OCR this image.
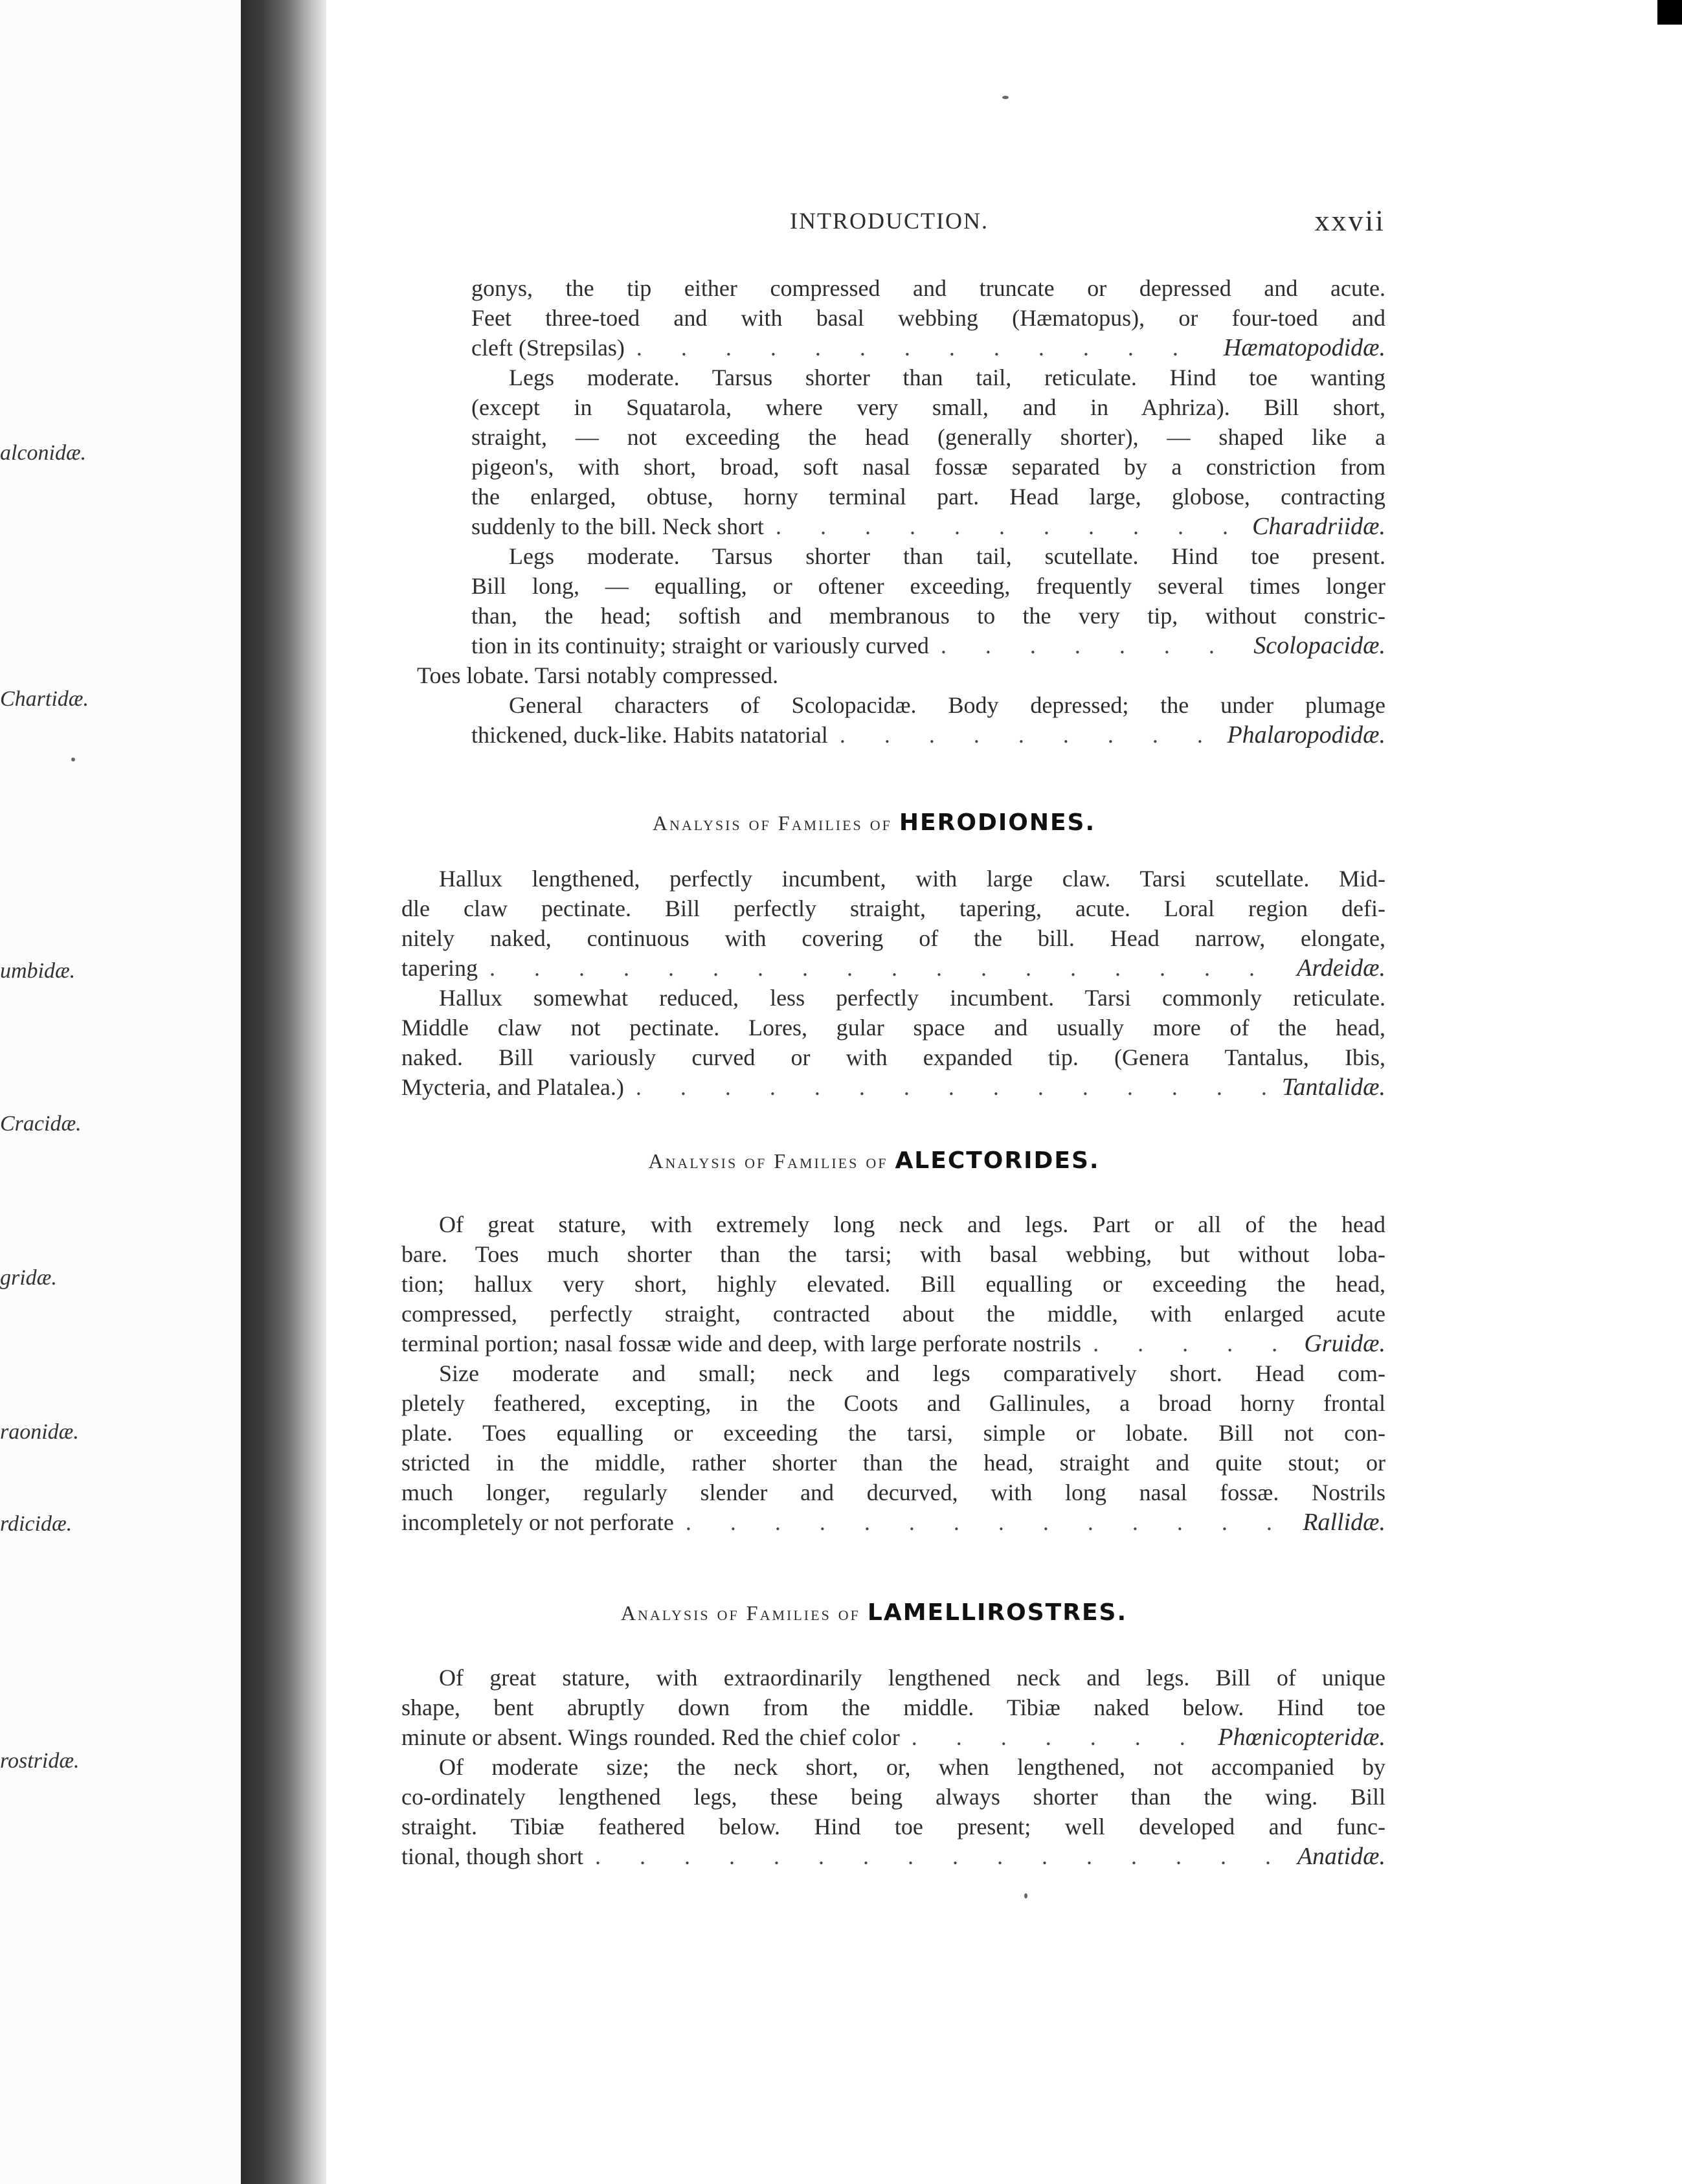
alconidæ.
Chartidæ.
umbidæ.
Cracidæ.
gridæ.
raonidæ.
rdicidæ.
rostridæ.
INTRODUCTION.	xxvii
gonys, the tip either compressed and truncate or depressed and acute.
Feet three-toed and with basal webbing (Hæmatopus), or four-toed and
cleft (Strepsilas) . .	Hæmatopodidæ.
Legs moderate. Tarsus shorter than tail, reticulate. Hind toe wanting
(except in Squatarola, where very small, and in Aphriza). Bill short,
straight, — not exceeding the head (generally shorter), — shaped like a
pigeon's, with short, broad, soft nasal fossæ separated by a constriction from
the enlarged, obtuse, horny terminal part. Head large, globose, contracting
suddenly to the bill. Neck short . .	Charadriidæ.
Legs moderate. Tarsus shorter than tail, scutellate. Hind toe present.
Bill long, — equalling, or oftener exceeding, frequently several times longer
than, the head; softish and membranous to the very tip, without constric-
tion in its continuity; straight or variously curved . .	Scolopacidæ.
Toes lobate. Tarsi notably compressed.
General characters of Scolopacidæ. Body depressed; the under plumage
thickened, duck-like. Habits natatorial . .	Phalaropodidæ.
Analysis of Families of HERODIONES.
Hallux lengthened, perfectly incumbent, with large claw. Tarsi scutellate. Mid-
dle claw pectinate. Bill perfectly straight, tapering, acute. Loral region defi-
nitely naked, continuous with covering of the bill. Head narrow, elongate,
tapering . .	Ardeidæ.
Hallux somewhat reduced, less perfectly incumbent. Tarsi commonly reticulate.
Middle claw not pectinate. Lores, gular space and usually more of the head,
naked. Bill variously curved or with expanded tip. (Genera Tantalus, Ibis,
Mycteria, and Platalea.) . .	Tantalidæ.
Analysis of Families of ALECTORIDES.
Of great stature, with extremely long neck and legs. Part or all of the head
bare. Toes much shorter than the tarsi; with basal webbing, but without loba-
tion; hallux very short, highly elevated. Bill equalling or exceeding the head,
compressed, perfectly straight, contracted about the middle, with enlarged acute
terminal portion; nasal fossæ wide and deep, with large perforate nostrils . .	Gruidæ.
Size moderate and small; neck and legs comparatively short. Head com-
pletely feathered, excepting, in the Coots and Gallinules, a broad horny frontal
plate. Toes equalling or exceeding the tarsi, simple or lobate. Bill not con-
stricted in the middle, rather shorter than the head, straight and quite stout; or
much longer, regularly slender and decurved, with long nasal fossæ. Nostrils
incompletely or not perforate . .	Rallidæ.
Analysis of Families of LAMELLIROSTRES.
Of great stature, with extraordinarily lengthened neck and legs. Bill of unique
shape, bent abruptly down from the middle. Tibiæ naked below. Hind toe
minute or absent. Wings rounded. Red the chief color . .	Phœnicopteridæ.
Of moderate size; the neck short, or, when lengthened, not accompanied by
co-ordinately lengthened legs, these being always shorter than the wing. Bill
straight. Tibiæ feathered below. Hind toe present; well developed and func-
tional, though short . .	Anatidæ.
